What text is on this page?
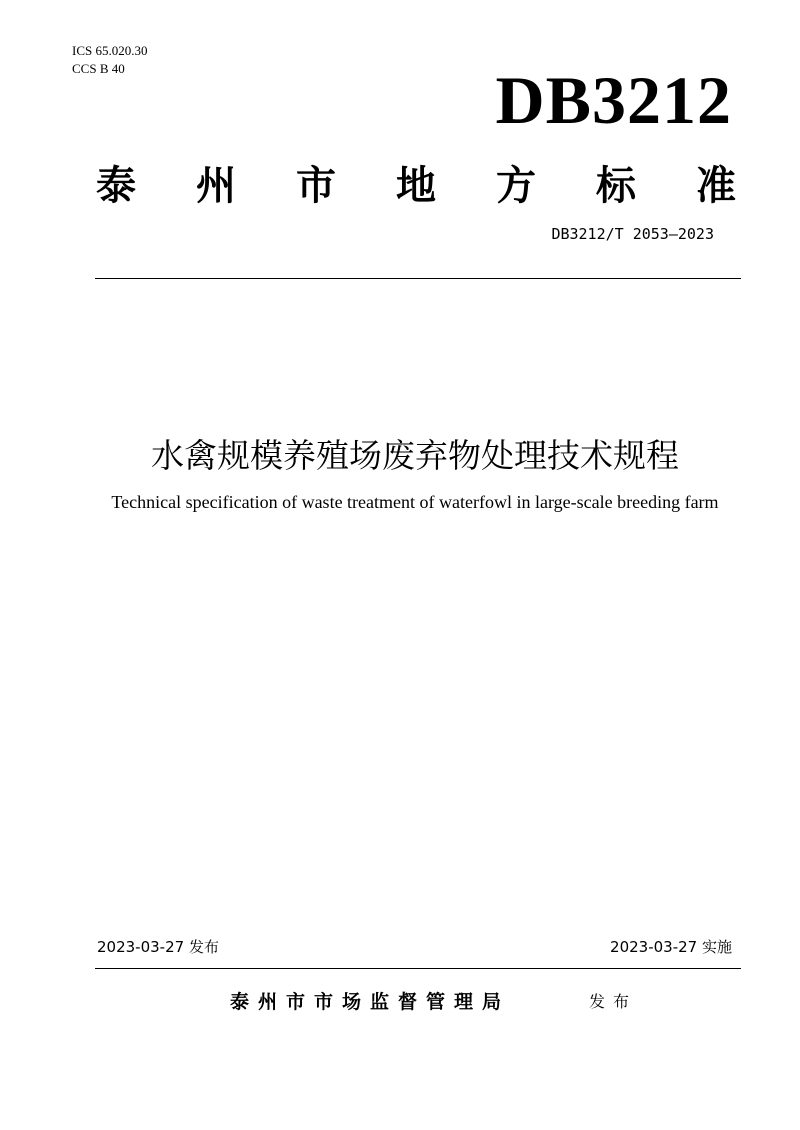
ICS 65.020.30
CCS B 40	DB3212
泰 州 市 地 方 标 准
DB3212/T 2053—2023
水禽规模养殖场废弃物处理技术规程
Technical specification of waste treatment of waterfowl in large-scale breeding farm
2023-03-27 发布	2023-03-27 实施
泰州市市场监督管理局	发布
